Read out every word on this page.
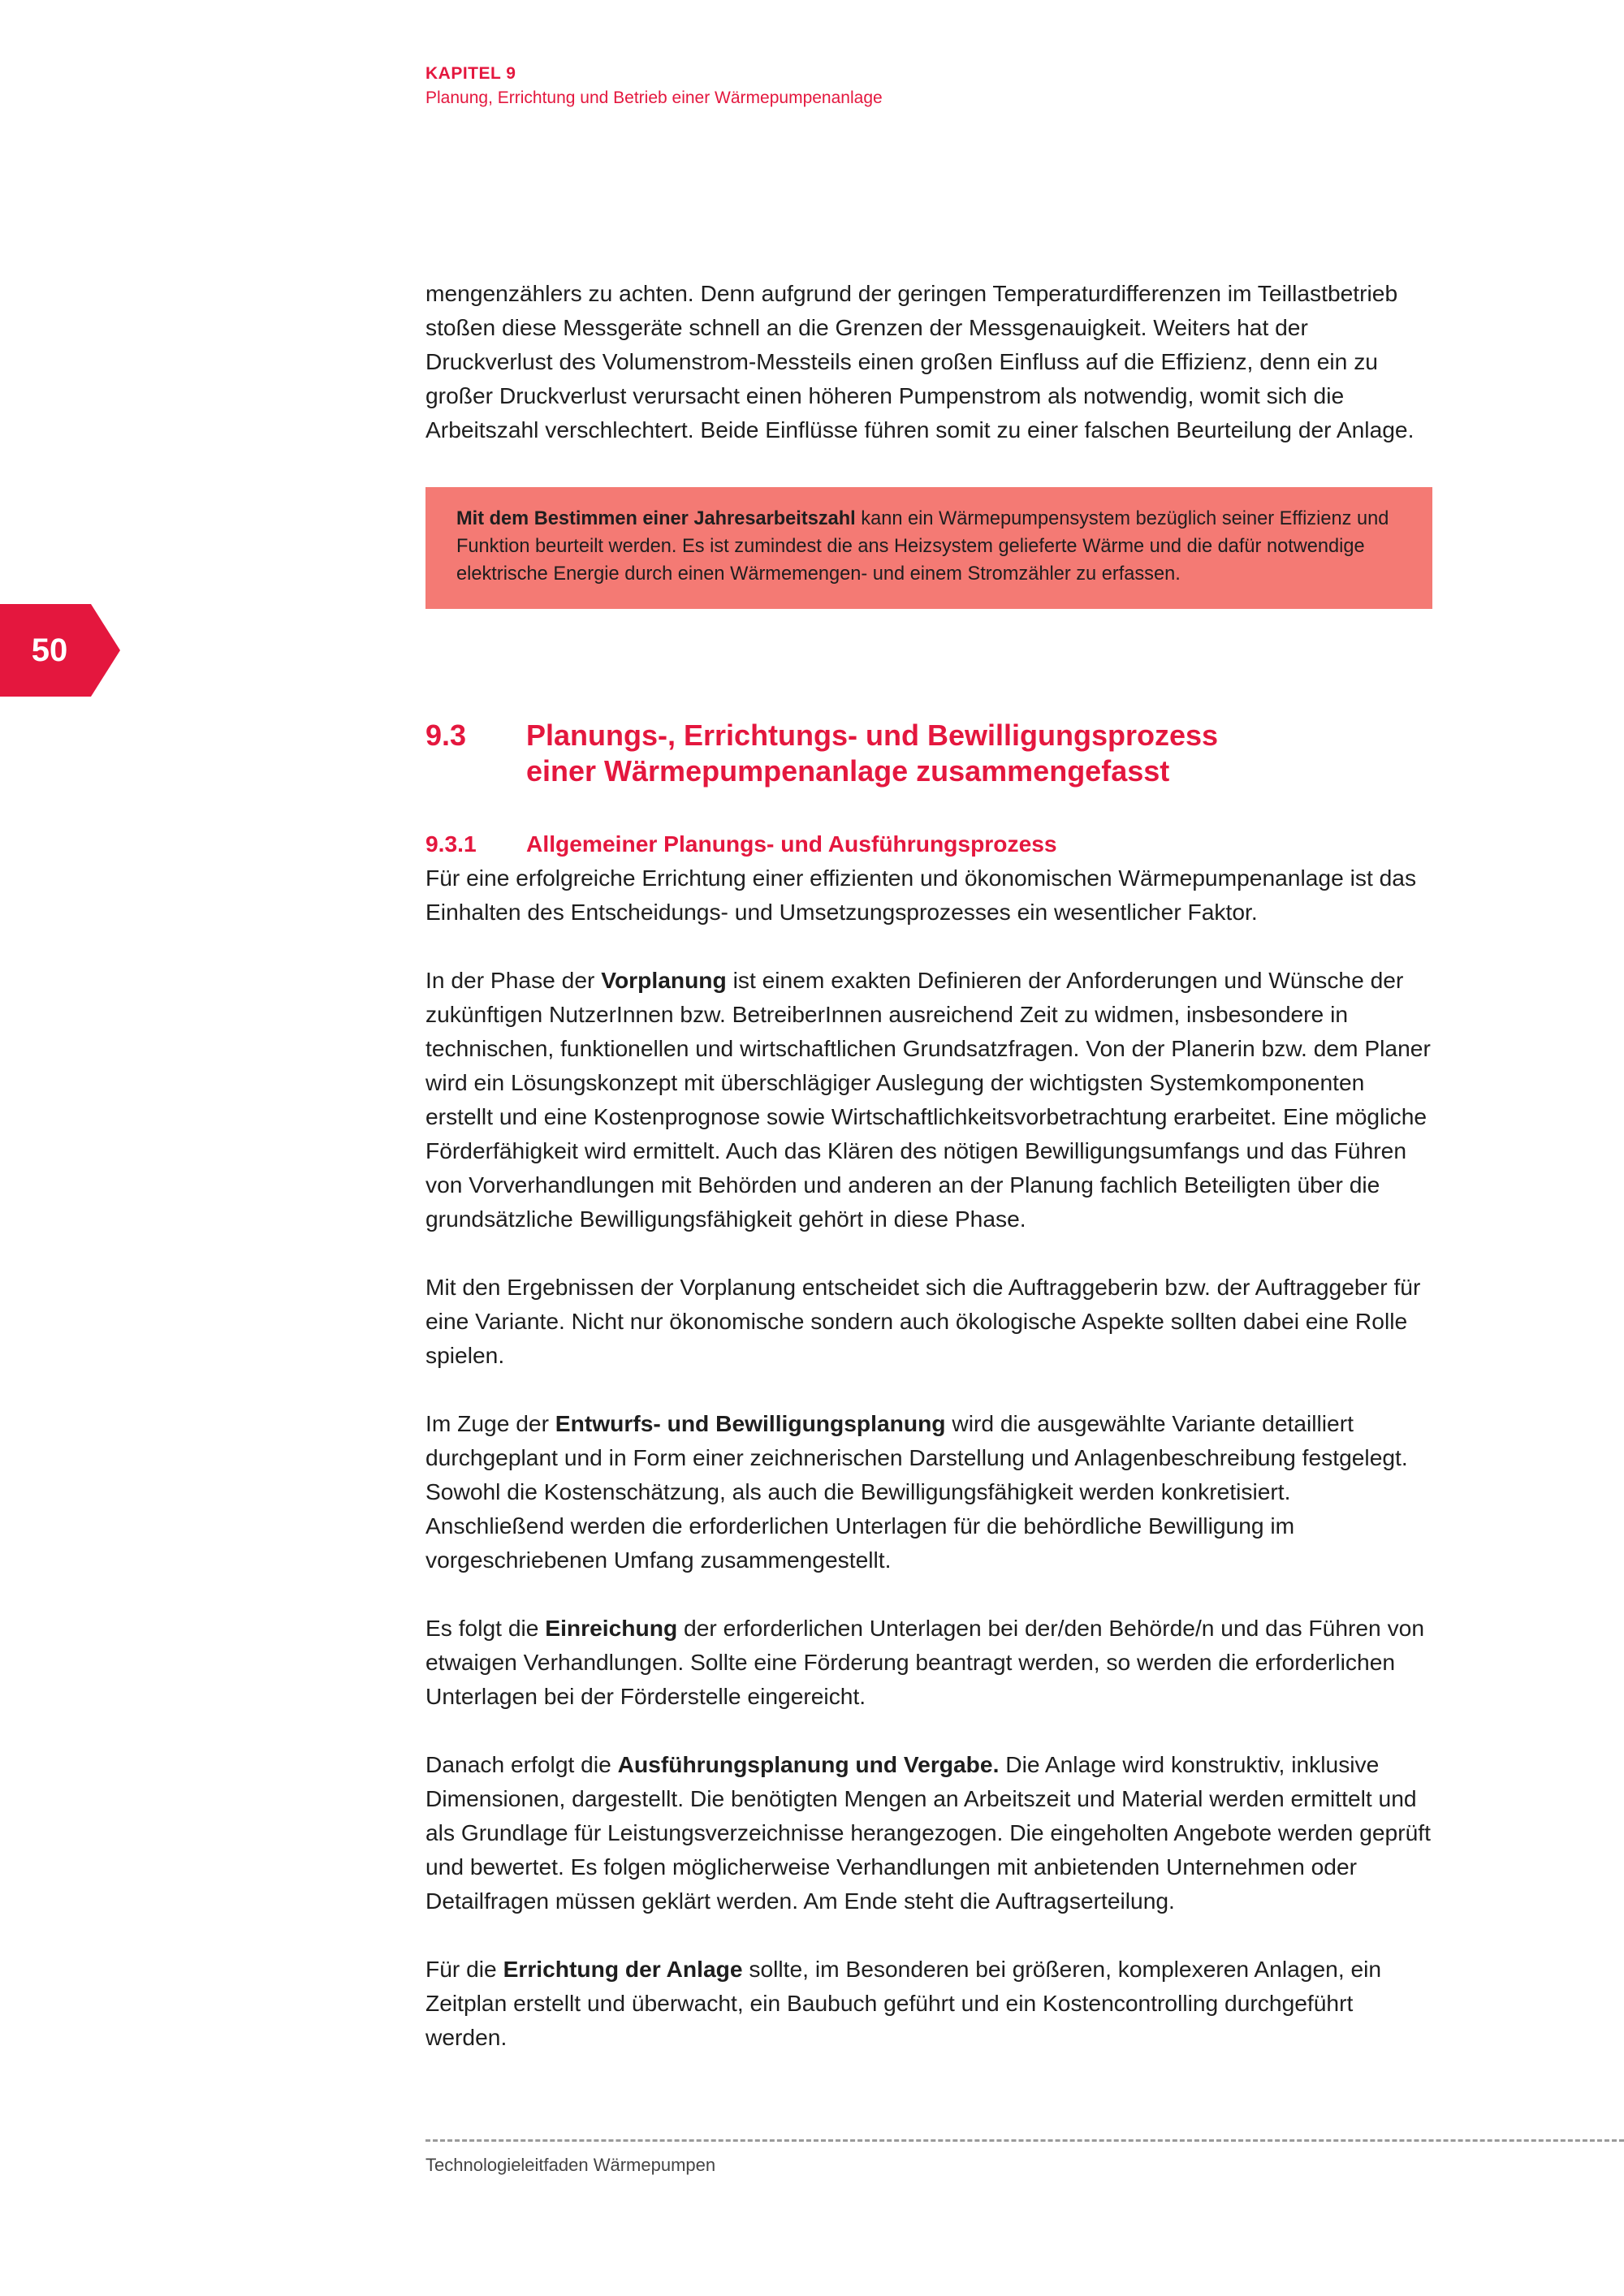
KAPITEL 9
Planung, Errichtung und Betrieb einer Wärmepumpenanlage

mengenzählers zu achten. Denn aufgrund der geringen Temperaturdifferenzen im Teillastbetrieb stoßen diese Messgeräte schnell an die Grenzen der Messgenauigkeit. Weiters hat der Druckverlust des Volumenstrom-Messteils einen großen Einfluss auf die Effizienz, denn ein zu großer Druckverlust verursacht einen höheren Pumpenstrom als notwendig, womit sich die Arbeitszahl verschlechtert. Beide Einflüsse führen somit zu einer falschen Beurteilung der Anlage.

Mit dem Bestimmen einer Jahresarbeitszahl kann ein Wärmepumpensystem bezüglich seiner Effizienz und Funktion beurteilt werden. Es ist zumindest die ans Heizsystem gelieferte Wärme und die dafür notwendige elektrische Energie durch einen Wärmemengen- und einem Stromzähler zu erfassen.

50
9.3	Planungs-, Errichtungs- und Bewilligungsprozess
einer Wärmepumpenanlage zusammengefasst
9.3.1	Allgemeiner Planungs- und Ausführungsprozess

Für eine erfolgreiche Errichtung einer effizienten und ökonomischen Wärmepumpenanlage ist das Einhalten des Entscheidungs- und Umsetzungsprozesses ein wesentlicher Faktor.

In der Phase der Vorplanung ist einem exakten Definieren der Anforderungen und Wünsche der zukünftigen NutzerInnen bzw. BetreiberInnen ausreichend Zeit zu widmen, insbesondere in technischen, funktionellen und wirtschaftlichen Grundsatzfragen. Von der Planerin bzw. dem Planer wird ein Lösungskonzept mit überschlägiger Auslegung der wichtigsten Systemkomponenten erstellt und eine Kostenprognose sowie Wirtschaftlichkeitsvorbetrachtung erarbeitet. Eine mögliche Förderfähigkeit wird ermittelt. Auch das Klären des nötigen Bewilligungsumfangs und das Führen von Vorverhandlungen mit Behörden und anderen an der Planung fachlich Beteiligten über die grundsätzliche Bewilligungsfähigkeit gehört in diese Phase.

Mit den Ergebnissen der Vorplanung entscheidet sich die Auftraggeberin bzw. der Auftraggeber für eine Variante. Nicht nur ökonomische sondern auch ökologische Aspekte sollten dabei eine Rolle spielen.

Im Zuge der Entwurfs- und Bewilligungsplanung wird die ausgewählte Variante detailliert durchgeplant und in Form einer zeichnerischen Darstellung und Anlagenbeschreibung festgelegt. Sowohl die Kostenschätzung, als auch die Bewilligungsfähigkeit werden konkretisiert. Anschließend werden die erforderlichen Unterlagen für die behördliche Bewilligung im vorgeschriebenen Umfang zusammengestellt.

Es folgt die Einreichung der erforderlichen Unterlagen bei der/den Behörde/n und das Führen von etwaigen Verhandlungen. Sollte eine Förderung beantragt werden, so werden die erforderlichen Unterlagen bei der Förderstelle eingereicht.

Danach erfolgt die Ausführungsplanung und Vergabe. Die Anlage wird konstruktiv, inklusive Dimensionen, dargestellt. Die benötigten Mengen an Arbeitszeit und Material werden ermittelt und als Grundlage für Leistungsverzeichnisse herangezogen. Die eingeholten Angebote werden geprüft und bewertet. Es folgen möglicherweise Verhandlungen mit anbietenden Unternehmen oder Detailfragen müssen geklärt werden. Am Ende steht die Auftragserteilung.

Für die Errichtung der Anlage sollte, im Besonderen bei größeren, komplexeren Anlagen, ein Zeitplan erstellt und überwacht, ein Baubuch geführt und ein Kostencontrolling durchgeführt werden.

Technologieleitfaden Wärmepumpen
